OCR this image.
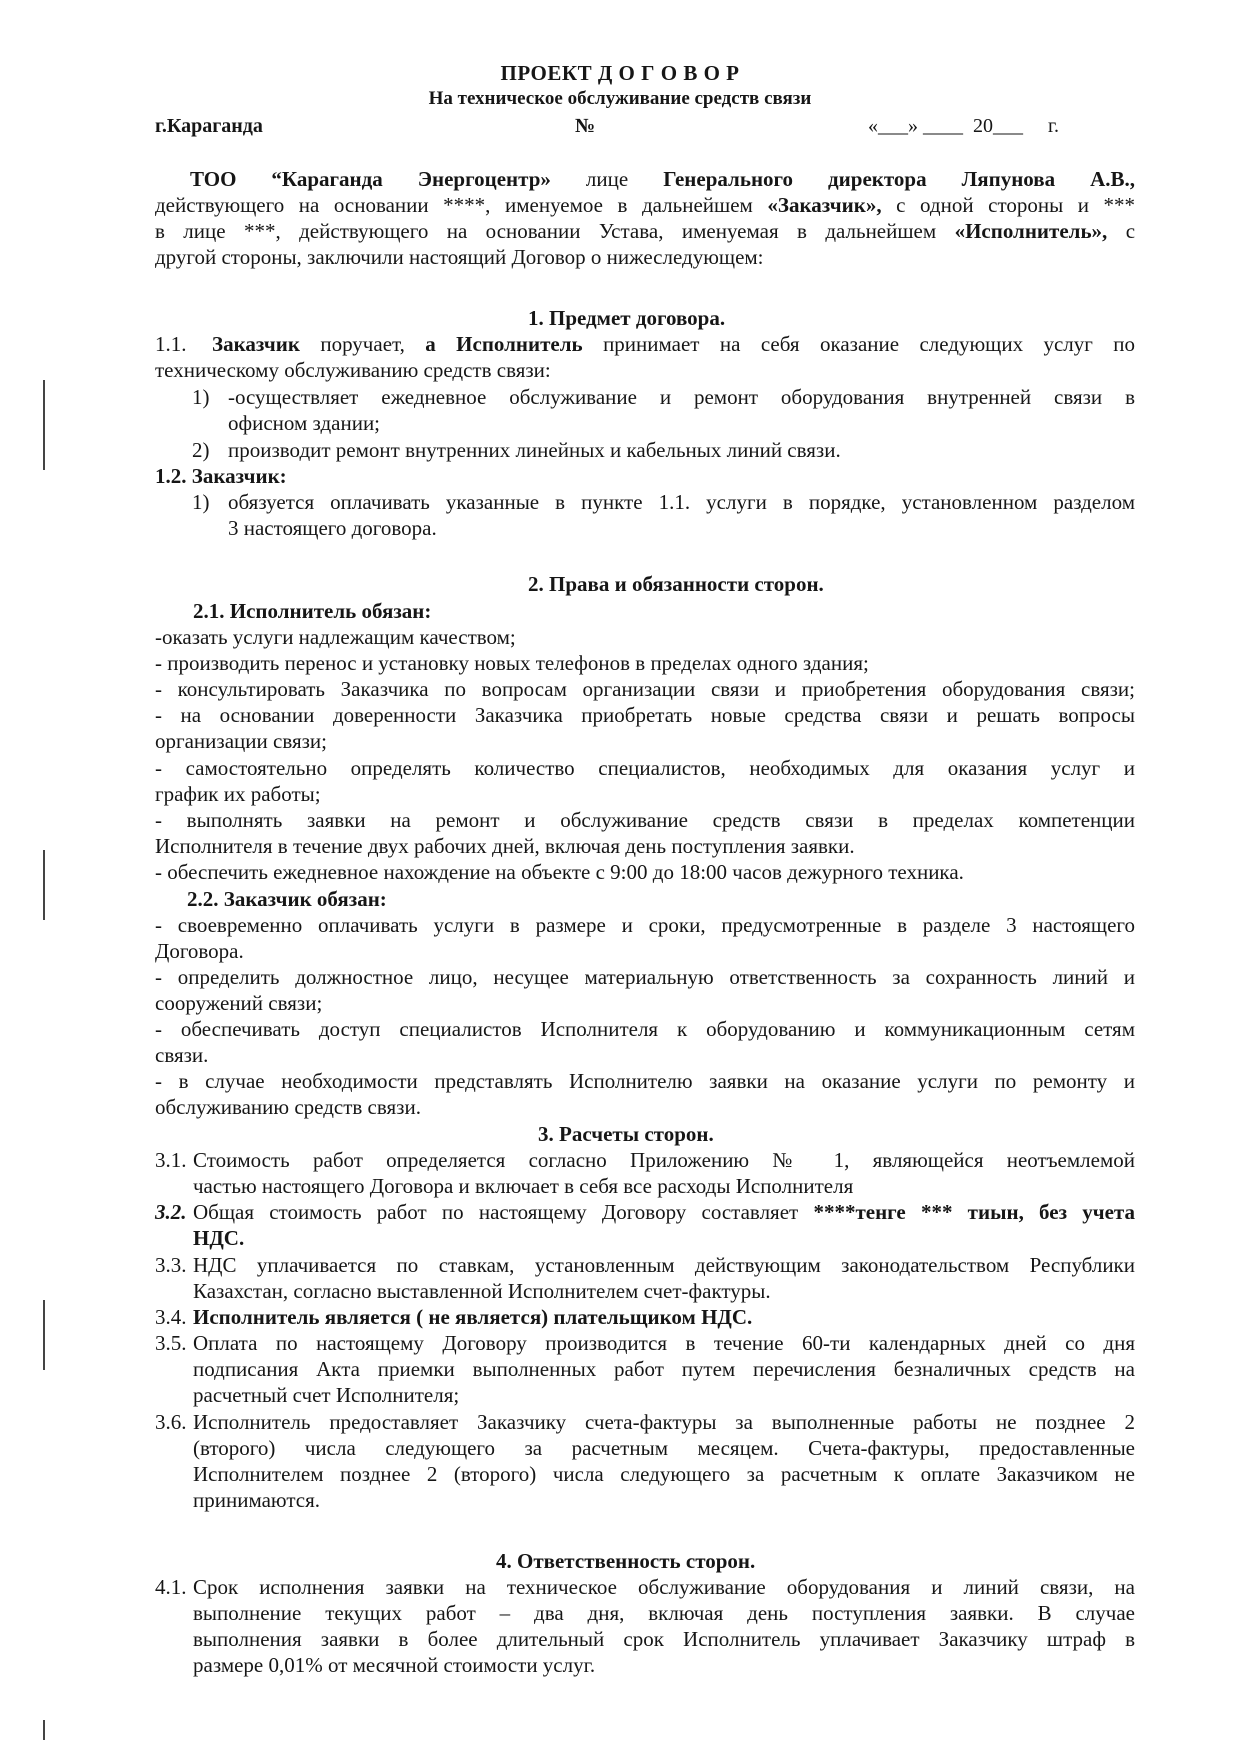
ПРОЕКТ Д О Г О В О Р
На техническое обслуживание средств связи
г.Караганда	№	«___» ____ 20___ г.
ТОО “Караганда Энергоцентр» лице Генерального директора Ляпунова А.В.,
действующего на основании ****, именуемое в дальнейшем «Заказчик», с одной стороны и ***
в лице ***, действующего на основании Устава, именуемая в дальнейшем «Исполнитель», с
другой стороны, заключили настоящий Договор о нижеследующем:
1. Предмет договора.
1.1. Заказчик поручает, а Исполнитель принимает на себя оказание следующих услуг по
техническому обслуживанию средств связи:
1) -осуществляет ежедневное обслуживание и ремонт оборудования внутренней связи в
офисном здании;
2) производит ремонт внутренних линейных и кабельных линий связи.
1.2. Заказчик:
1) обязуется оплачивать указанные в пункте 1.1. услуги в порядке, установленном разделом
3 настоящего договора.
2. Права и обязанности сторон.
2.1. Исполнитель обязан:
-оказать услуги надлежащим качеством;
- производить перенос и установку новых телефонов в пределах одного здания;
- консультировать Заказчика по вопросам организации связи и приобретения оборудования связи;
- на основании доверенности Заказчика приобретать новые средства связи и решать вопросы
организации связи;
- самостоятельно определять количество специалистов, необходимых для оказания услуг и
график их работы;
- выполнять заявки на ремонт и обслуживание средств связи в пределах компетенции
Исполнителя в течение двух рабочих дней, включая день поступления заявки.
- обеспечить ежедневное нахождение на объекте с 9:00 до 18:00 часов дежурного техника.
2.2. Заказчик обязан:
- своевременно оплачивать услуги в размере и сроки, предусмотренные в разделе 3 настоящего
Договора.
- определить должностное лицо, несущее материальную ответственность за сохранность линий и
сооружений связи;
- обеспечивать доступ специалистов Исполнителя к оборудованию и коммуникационным сетям
связи.
- в случае необходимости представлять Исполнителю заявки на оказание услуги по ремонту и
обслуживанию средств связи.
3. Расчеты сторон.
3.1. Стоимость работ определяется согласно Приложению № 1, являющейся неотъемлемой
частью настоящего Договора и включает в себя все расходы Исполнителя
3.2. Общая стоимость работ по настоящему Договору составляет ****тенге *** тиын, без учета
НДС.
3.3. НДС уплачивается по ставкам, установленным действующим законодательством Республики
Казахстан, согласно выставленной Исполнителем счет-фактуры.
3.4. Исполнитель является ( не является) плательщиком НДС.
3.5. Оплата по настоящему Договору производится в течение 60-ти календарных дней со дня
подписания Акта приемки выполненных работ путем перечисления безналичных средств на
расчетный счет Исполнителя;
3.6. Исполнитель предоставляет Заказчику счета-фактуры за выполненные работы не позднее 2
(второго) числа следующего за расчетным месяцем. Счета-фактуры, предоставленные
Исполнителем позднее 2 (второго) числа следующего за расчетным к оплате Заказчиком не
принимаются.
4. Ответственность сторон.
4.1. Срок исполнения заявки на техническое обслуживание оборудования и линий связи, на
выполнение текущих работ – два дня, включая день поступления заявки. В случае
выполнения заявки в более длительный срок Исполнитель уплачивает Заказчику штраф в
размере 0,01% от месячной стоимости услуг.
